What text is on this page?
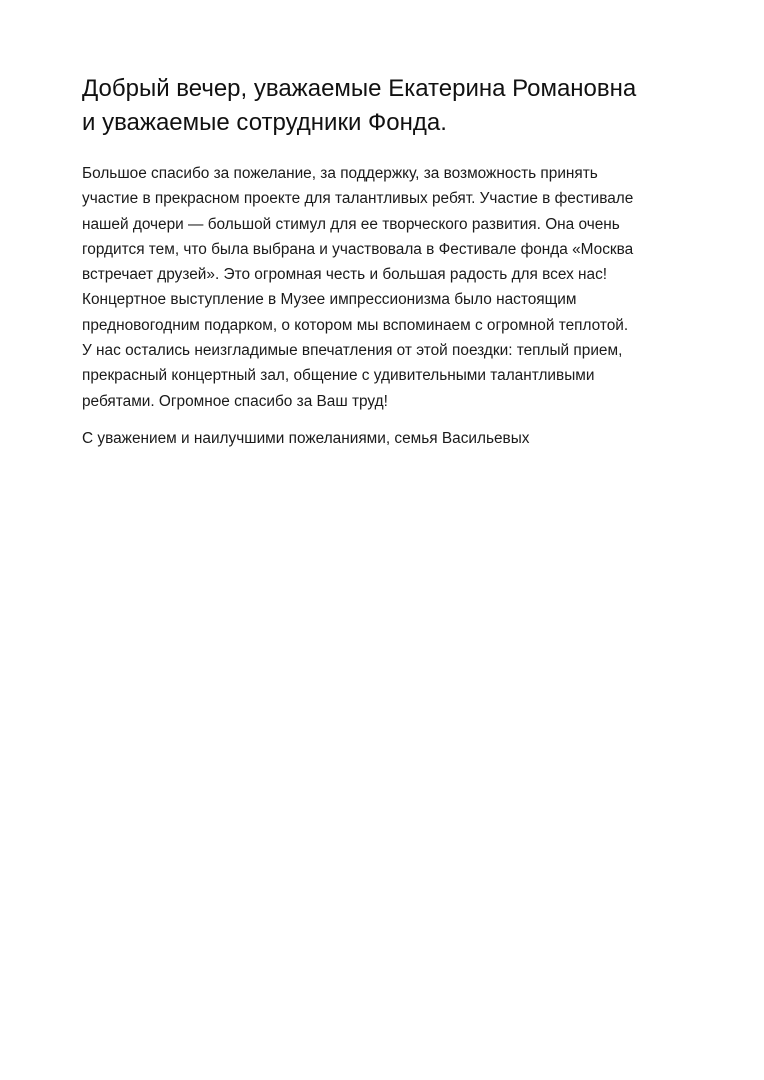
Добрый вечер, уважаемые Екатерина Романовна
и уважаемые сотрудники Фонда.
Большое спасибо за пожелание, за поддержку, за возможность принять
участие в прекрасном проекте для талантливых ребят. Участие в фестивале
нашей дочери — большой стимул для ее творческого развития. Она очень
гордится тем, что была выбрана и участвовала в Фестивале фонда «Москва
встречает друзей». Это огромная честь и большая радость для всех нас!
Концертное выступление в Музее импрессионизма было настоящим
предновогодним подарком, о котором мы вспоминаем с огромной теплотой.
У нас остались неизгладимые впечатления от этой поездки: теплый прием,
прекрасный концертный зал, общение с удивительными талантливыми
ребятами. Огромное спасибо за Ваш труд!
С уважением и наилучшими пожеланиями, семья Васильевых
